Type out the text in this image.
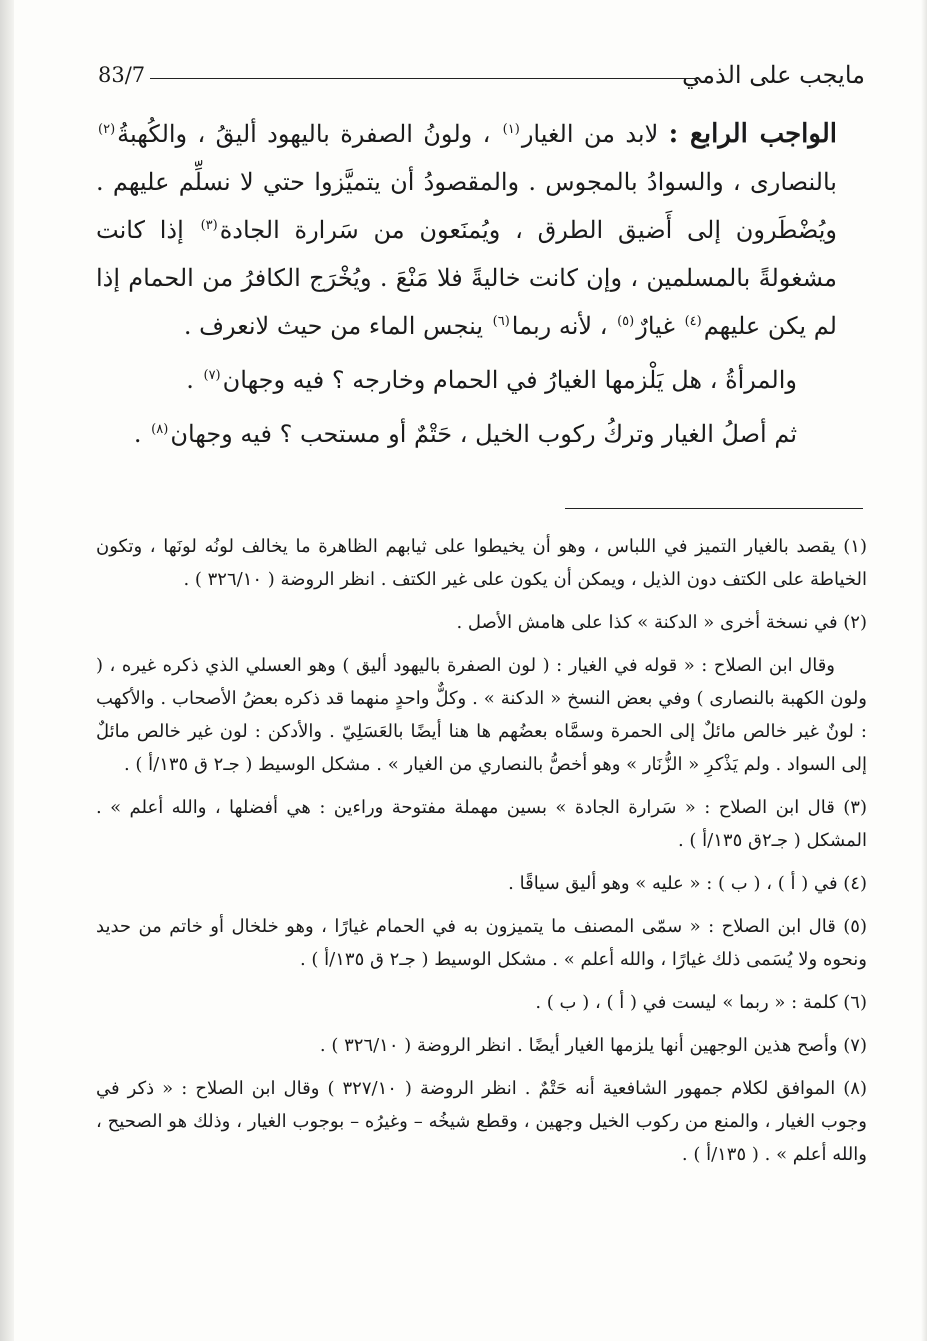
مايجب على الذمي
83/7

الواجب الرابع : لابد من الغيار$^{(١)}$ ، ولونُ الصفرة باليهود أليقُ ، والكُهبةُ$^{(٢)}$ بالنصارى ، والسوادُ بالمجوس . والمقصودُ أن يتميَّزوا حتي لا نسلِّم عليهم . ويُضْطَرون إلى أَضيق الطرق ، ويُمنَعون من سَرارة الجادة$^{(٣)}$ إذا كانت مشغولةً بالمسلمين ، وإن كانت خاليةً فلا مَنْعَ . ويُخْرَج الكافرُ من الحمام إذا لم يكن عليهم$^{(٤)}$ غيارٌ$^{(٥)}$ ، لأنه ربما$^{(٦)}$ ينجس الماء من حيث لانعرف .

والمرأةُ ، هل يَلْزمها الغيارُ في الحمام وخارجه ؟ فيه وجهان$^{(٧)}$ .

ثم أصلُ الغيار وتركُ ركوب الخيل ، حَتْمٌ أو مستحب ؟ فيه وجهان$^{(٨)}$ .

(١) يقصد بالغيار التميز في اللباس ، وهو أن يخيطوا على ثيابهم الظاهرة ما يخالف لونُه لونَها ، وتكون الخياطة على الكتف دون الذيل ، ويمكن أن يكون على غير الكتف . انظر الروضة ( ٣٢٦/١٠ ) .

(٢) في نسخة أخرى « الدكنة » كذا على هامش الأصل .

وقال ابن الصلاح : « قوله في الغيار : ( لون الصفرة باليهود أليق ) وهو العسلي الذي ذكره غيره ، ( ولون الكهبة بالنصارى ) وفي بعض النسخ « الدكنة » . وكلٌّ واحدٍ منهما قد ذكره بعضُ الأصحاب . والأكهب : لونٌ غير خالص مائلٌ إلى الحمرة وسمَّاه بعضُهم ها هنا أيضًا بالعَسَلِيّ . والأدكن : لون غير خالص مائلٌ إلى السواد . ولم يَذْكرِ « الزُّنَار » وهو أخصُّ بالنصاري من الغيار » . مشكل الوسيط ( جـ٢ ق ١٣٥/أ ) .

(٣) قال ابن الصلاح : « سَرارة الجادة » بسين مهملة مفتوحة وراءين : هي أفضلها ، والله أعلم » . المشكل ( جـ٢ق ١٣٥/أ ) .

(٤) في ( أ ) ، ( ب ) : « عليه » وهو أليق سياقًا .

(٥) قال ابن الصلاح : « سمّى المصنف ما يتميزون به في الحمام غيارًا ، وهو خلخال أو خاتم من حديد ونحوه ولا يُسَمى ذلك غيارًا ، والله أعلم » . مشكل الوسيط ( جـ٢ ق ١٣٥/أ ) .

(٦) كلمة : « ربما » ليست في ( أ ) ، ( ب ) .

(٧) وأصح هذين الوجهين أنها يلزمها الغيار أيضًا . انظر الروضة ( ٣٢٦/١٠ ) .

(٨) الموافق لكلام جمهور الشافعية أنه حَتْمٌ . انظر الروضة ( ٣٢٧/١٠ ) وقال ابن الصلاح : « ذكر في وجوب الغيار ، والمنع من ركوب الخيل وجهين ، وقطع شيخُه – وغيرُه – بوجوب الغيار ، وذلك هو الصحيح ، والله أعلم » . ( ١٣٥/أ ) .
